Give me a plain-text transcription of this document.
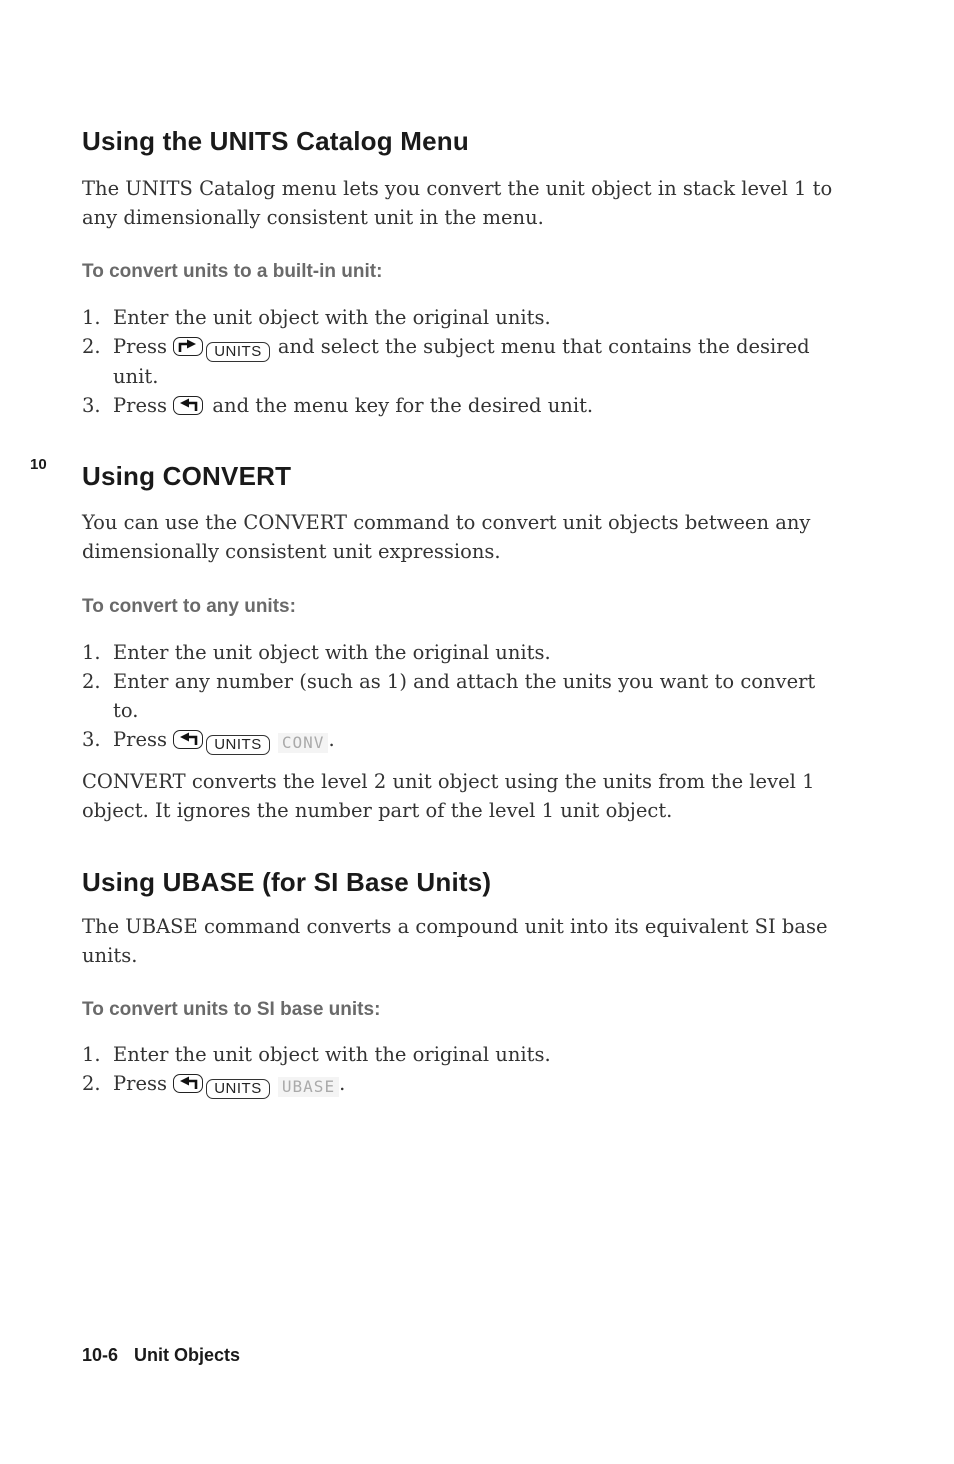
Using the UNITS Catalog Menu

The UNITS Catalog menu lets you convert the unit object in stack level 1 to any dimensionally consistent unit in the menu.

To convert units to a built-in unit:
1. Enter the unit object with the original units.
2. Press	UNITS and select the subject menu that contains the desired unit.
3. Press and the menu key for the desired unit.
10 Using CONVERT

You can use the CONVERT command to convert unit objects between any dimensionally consistent unit expressions.

To convert to any units:
1. Enter the unit object with the original units.
2. Enter any number (such as 1) and attach the units you want to convert to.
3. Press	UNITS CONV .

CONVERT converts the level 2 unit object using the units from the level 1 object. It ignores the number part of the level 1 unit object.

Using UBASE (for SI Base Units)

The UBASE command converts a compound unit into its equivalent SI base units.

To convert units to SI base units:
1. Enter the unit object with the original units.
2. Press	UNITS UBASE .
10-6 Unit Objects
